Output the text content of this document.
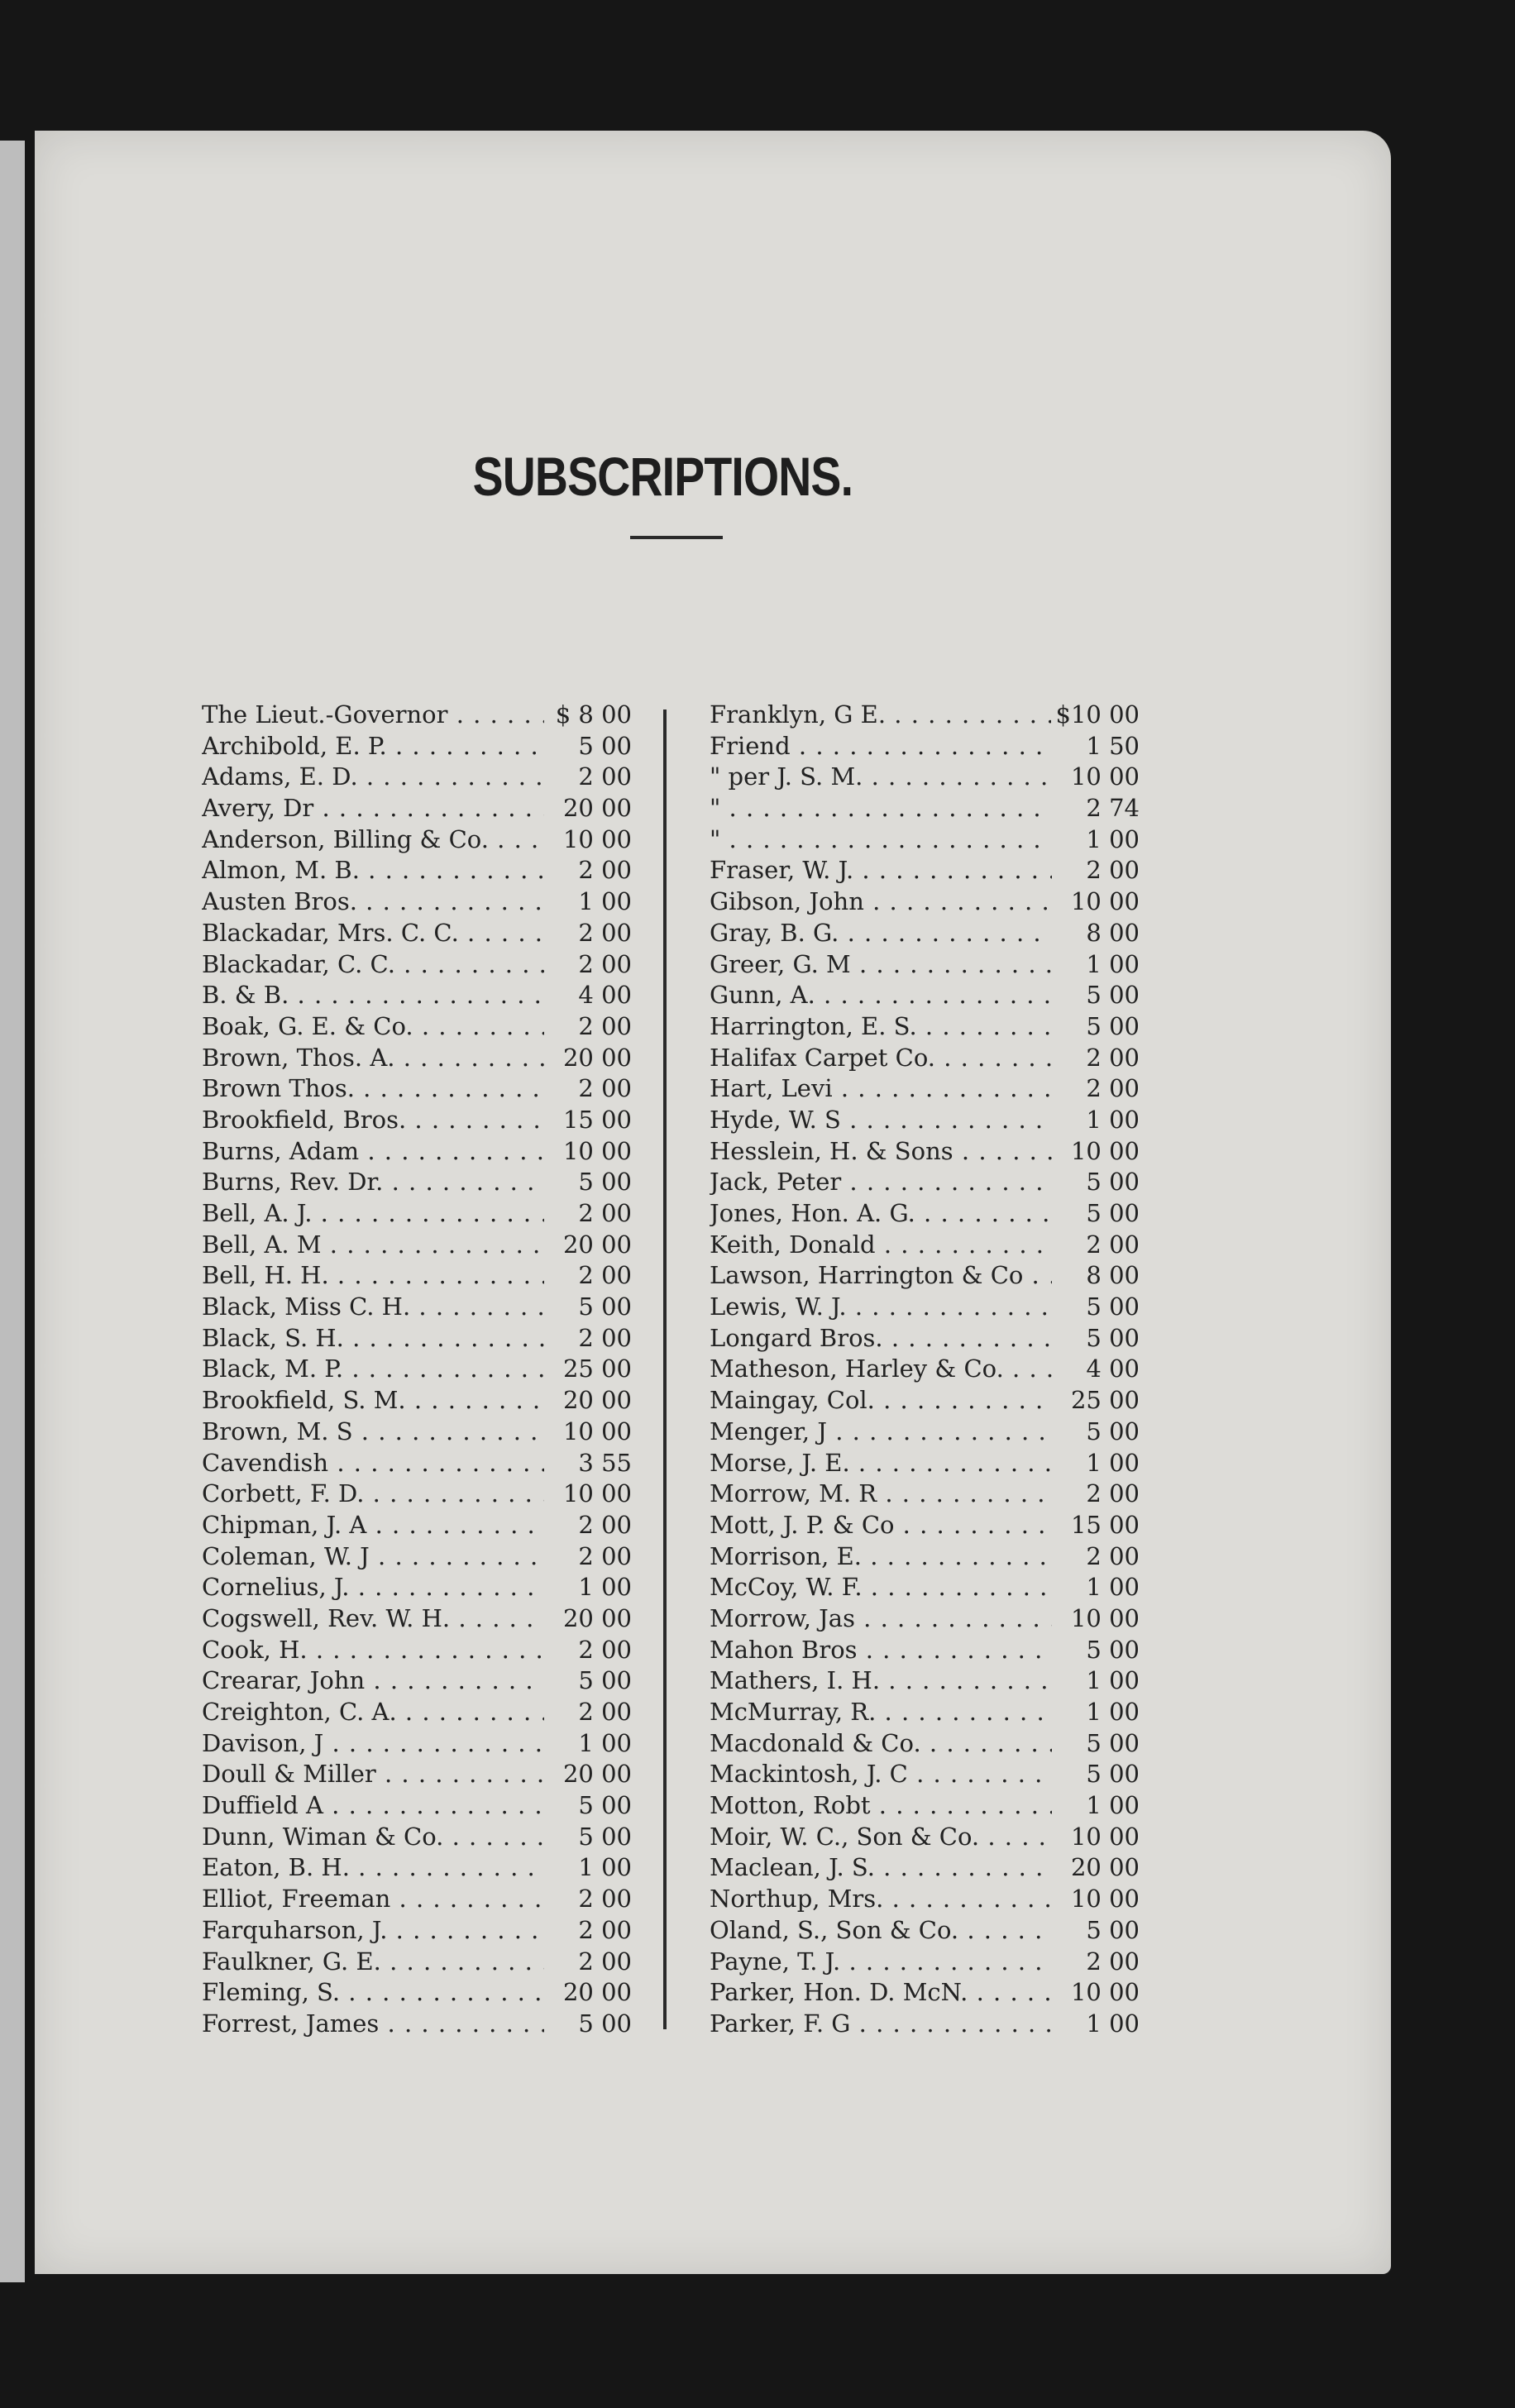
SUBSCRIPTIONS.
The Lieut.-Governor . . .	$ 8 00
Archibold, E. P. . . .	5 00
Adams, E. D. . . .	2 00
Avery, Dr . . .	20 00
Anderson, Billing & Co. . . .	10 00
Almon, M. B. . . .	2 00
Austen Bros. . . .	1 00
Blackadar, Mrs. C. C. . . .	2 00
Blackadar, C. C. . . .	2 00
B. & B. . . .	4 00
Boak, G. E. & Co. . . .	2 00
Brown, Thos. A. . . .	20 00
Brown Thos. . . .	2 00
Brookfield, Bros. . . .	15 00
Burns, Adam . . .	10 00
Burns, Rev. Dr. . . .	5 00
Bell, A. J. . . .	2 00
Bell, A. M . . .	20 00
Bell, H. H. . . .	2 00
Black, Miss C. H. . . .	5 00
Black, S. H. . . .	2 00
Black, M. P. . . .	25 00
Brookfield, S. M. . . .	20 00
Brown, M. S . . .	10 00
Cavendish . . .	3 55
Corbett, F. D. . . .	10 00
Chipman, J. A . . .	2 00
Coleman, W. J . . .	2 00
Cornelius, J. . . .	1 00
Cogswell, Rev. W. H. . . .	20 00
Cook, H. . . .	2 00
Crearar, John . . .	5 00
Creighton, C. A. . . .	2 00
Davison, J . . .	1 00
Doull & Miller . . .	20 00
Duffield A . . .	5 00
Dunn, Wiman & Co. . . .	5 00
Eaton, B. H. . . .	1 00
Elliot, Freeman . . .	2 00
Farquharson, J. . . .	2 00
Faulkner, G. E. . . .	2 00
Fleming, S. . . .	20 00
Forrest, James . . .	5 00
Franklyn, G E. . . .	$10 00
Friend . . .	1 50
" per J. S. M. . . .	10 00
" . . .	2 74
" . . .	1 00
Fraser, W. J. . . .	2 00
Gibson, John . . .	10 00
Gray, B. G. . . .	8 00
Greer, G. M . . .	1 00
Gunn, A. . . .	5 00
Harrington, E. S. . . .	5 00
Halifax Carpet Co. . . .	2 00
Hart, Levi . . .	2 00
Hyde, W. S . . .	1 00
Hesslein, H. & Sons . . .	10 00
Jack, Peter . . .	5 00
Jones, Hon. A. G. . . .	5 00
Keith, Donald . . .	2 00
Lawson, Harrington & Co . . .	8 00
Lewis, W. J. . . .	5 00
Longard Bros. . . .	5 00
Matheson, Harley & Co. . . .	4 00
Maingay, Col. . . .	25 00
Menger, J . . .	5 00
Morse, J. E. . . .	1 00
Morrow, M. R . . .	2 00
Mott, J. P. & Co . . .	15 00
Morrison, E. . . .	2 00
McCoy, W. F. . . .	1 00
Morrow, Jas . . .	10 00
Mahon Bros . . .	5 00
Mathers, I. H. . . .	1 00
McMurray, R. . . .	1 00
Macdonald & Co. . . .	5 00
Mackintosh, J. C . . .	5 00
Motton, Robt . . .	1 00
Moir, W. C., Son & Co. . . .	10 00
Maclean, J. S. . . .	20 00
Northup, Mrs. . . .	10 00
Oland, S., Son & Co. . . .	5 00
Payne, T. J. . . .	2 00
Parker, Hon. D. McN. . . .	10 00
Parker, F. G . . .	1 00
